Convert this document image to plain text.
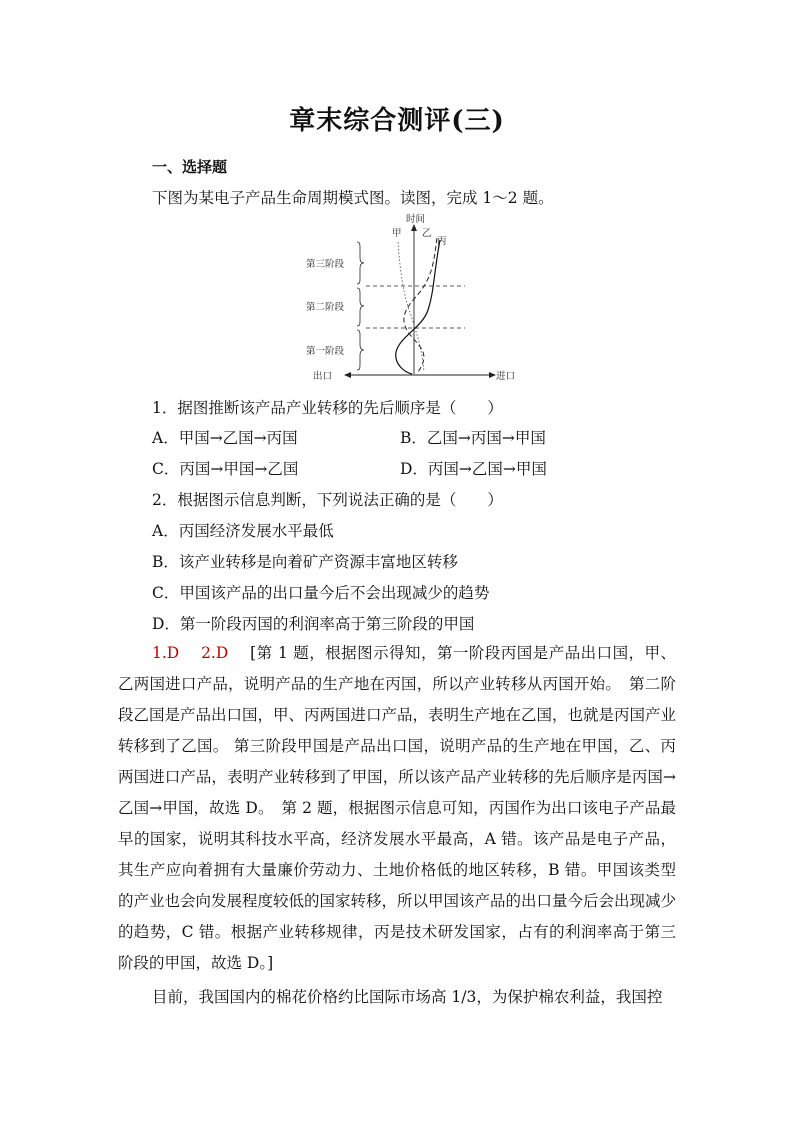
章末综合测评(三)
一、选择题
下图为某电子产品生命周期模式图。读图，完成 1～2 题。
第三阶段
第二阶段
第一阶段
时间
出口	进口
甲 乙
丙
1．据图推断该产品产业转移的先后顺序是（　　）
A．甲国→乙国→丙国	B．乙国→丙国→甲国
C．丙国→甲国→乙国	D．丙国→乙国→甲国
2．根据图示信息判断，下列说法正确的是（　　）
A．丙国经济发展水平最低
B．该产业转移是向着矿产资源丰富地区转移
C．甲国该产品的出口量今后不会出现减少的趋势
D．第一阶段丙国的利润率高于第三阶段的甲国

1.D　 2.D　 [第 1 题，根据图示得知，第一阶段丙国是产品出口国，甲、乙两国进口产品，说明产品的生产地在丙国，所以产业转移从丙国开始。　第二阶段乙国是产品出口国，甲、丙两国进口产品，表明生产地在乙国，也就是丙国产业转移到了乙国。 第三阶段甲国是产品出口国，说明产品的生产地在甲国，乙、丙两国进口产品，表明产业转移到了甲国，所以该产品产业转移的先后顺序是丙国→乙国→甲国，故选 D。　第 2 题，根据图示信息可知，丙国作为出口该电子产品最早的国家，说明其科技水平高，经济发展水平最高，A 错。该产品是电子产品，其生产应向着拥有大量廉价劳动力、土地价格低的地区转移，B 错。甲国该类型的产业也会向发展程度较低的国家转移，所以甲国该产品的出口量今后会出现减少的趋势，C 错。根据产业转移规律，丙是技术研发国家，占有的利润率高于第三阶段的甲国，故选 D。]

目前，我国国内的棉花价格约比国际市场高 1/3，为保护棉农利益，我国控
